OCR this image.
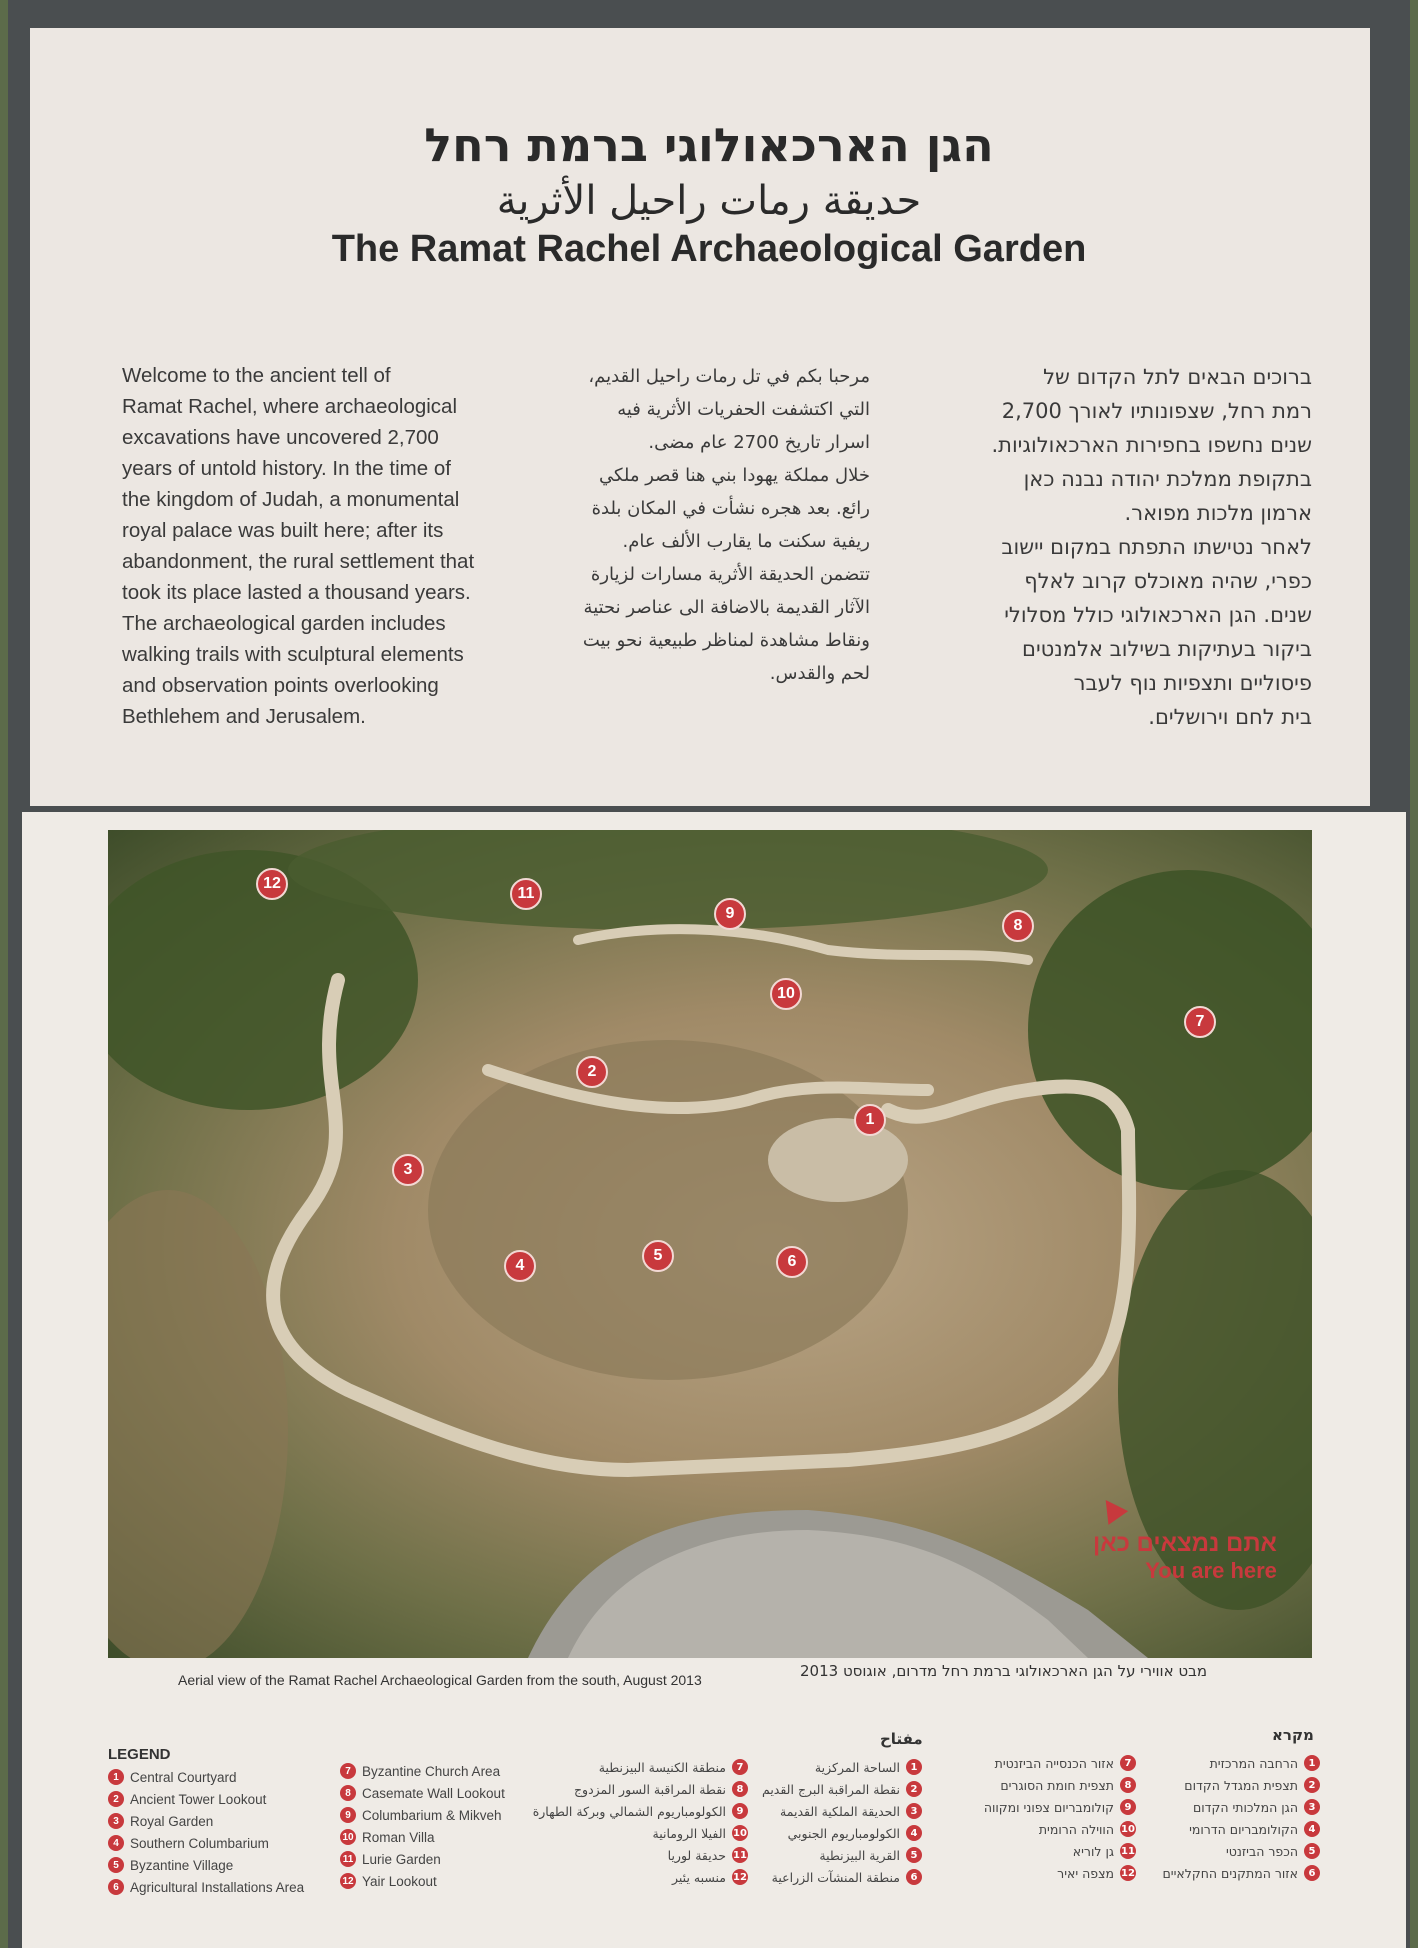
הגן הארכאולוגי ברמת רחל
حديقة رمات راحيل الأثرية
The Ramat Rachel Archaeological Garden
Welcome to the ancient tell of
Ramat Rachel, where archaeological
excavations have uncovered 2,700
years of untold history. In the time of
the kingdom of Judah, a monumental
royal palace was built here; after its
abandonment, the rural settlement that
took its place lasted a thousand years.
The archaeological garden includes
walking trails with sculptural elements
and observation points overlooking
Bethlehem and Jerusalem.
مرحبا بكم في تل رمات راحيل القديم،
التي اكتشفت الحفريات الأثرية فيه
اسرار تاريخ 2700 عام مضى.
خلال مملكة يهودا بني هنا قصر ملكي
رائع. بعد هجره نشأت في المكان بلدة
ريفية سكنت ما يقارب الألف عام.
تتضمن الحديقة الأثرية مسارات لزيارة
الآثار القديمة بالاضافة الى عناصر نحتية
ونقاط مشاهدة لمناظر طبيعية نحو بيت
لحم والقدس.
ברוכים הבאים לתל הקדום של
רמת רחל, שצפונותיו לאורך 2,700
שנים נחשפו בחפירות הארכאולוגיות.
בתקופת ממלכת יהודה נבנה כאן
ארמון מלכות מפואר.
לאחר נטישתו התפתח במקום יישוב
כפרי, שהיה מאוכלס קרוב לאלף
שנים. הגן הארכאולוגי כולל מסלולי
ביקור בעתיקות בשילוב אלמנטים
פיסוליים ותצפיות נוף לעבר
בית לחם וירושלים.
1
2
3
4
5	6
7
8
9
10
11
12
אתם נמצאים כאן
You are here
Aerial view of the Ramat Rachel Archaeological Garden from the south, August 2013	מבט אווירי על הגן הארכאולוגי ברמת רחל מדרום, אוגוסט 2013
LEGEND
1 Central Courtyard
2 Ancient Tower Lookout
3 Royal Garden
4 Southern Columbarium
5 Byzantine Village
6 Agricultural Installations Area
7 Byzantine Church Area
8 Casemate Wall Lookout
9 Columbarium & Mikveh
10 Roman Villa
11 Lurie Garden
12 Yair Lookout
مفتاح
1
الساحة المركزية
2
نقطة المراقبة البرج القديم
3
الحديقة الملكية القديمة
4
الكولومباريوم الجنوبي
5
القرية البيزنطية
6
منطقة المنشآت الزراعية
7
منطقة الكنيسة البيزنطية
8
نقطة المراقبة السور المزدوج
9
الكولومباريوم الشمالي وبركة الطهارة
10
الفيلا الرومانية
11
حديقة لوريا
12
منسبه يئير
מקרא
1
הרחבה המרכזית
2
תצפית המגדל הקדום
3
הגן המלכותי הקדום
4
הקולומבריום הדרומי
5
הכפר הביזנטי
6
אזור המתקנים החקלאיים
7
אזור הכנסייה הביזנטית
8
תצפית חומת הסוגרים
9
קולומבריום צפוני ומקווה
10
הווילה הרומית
11
גן לוריא
12
מצפה יאיר
